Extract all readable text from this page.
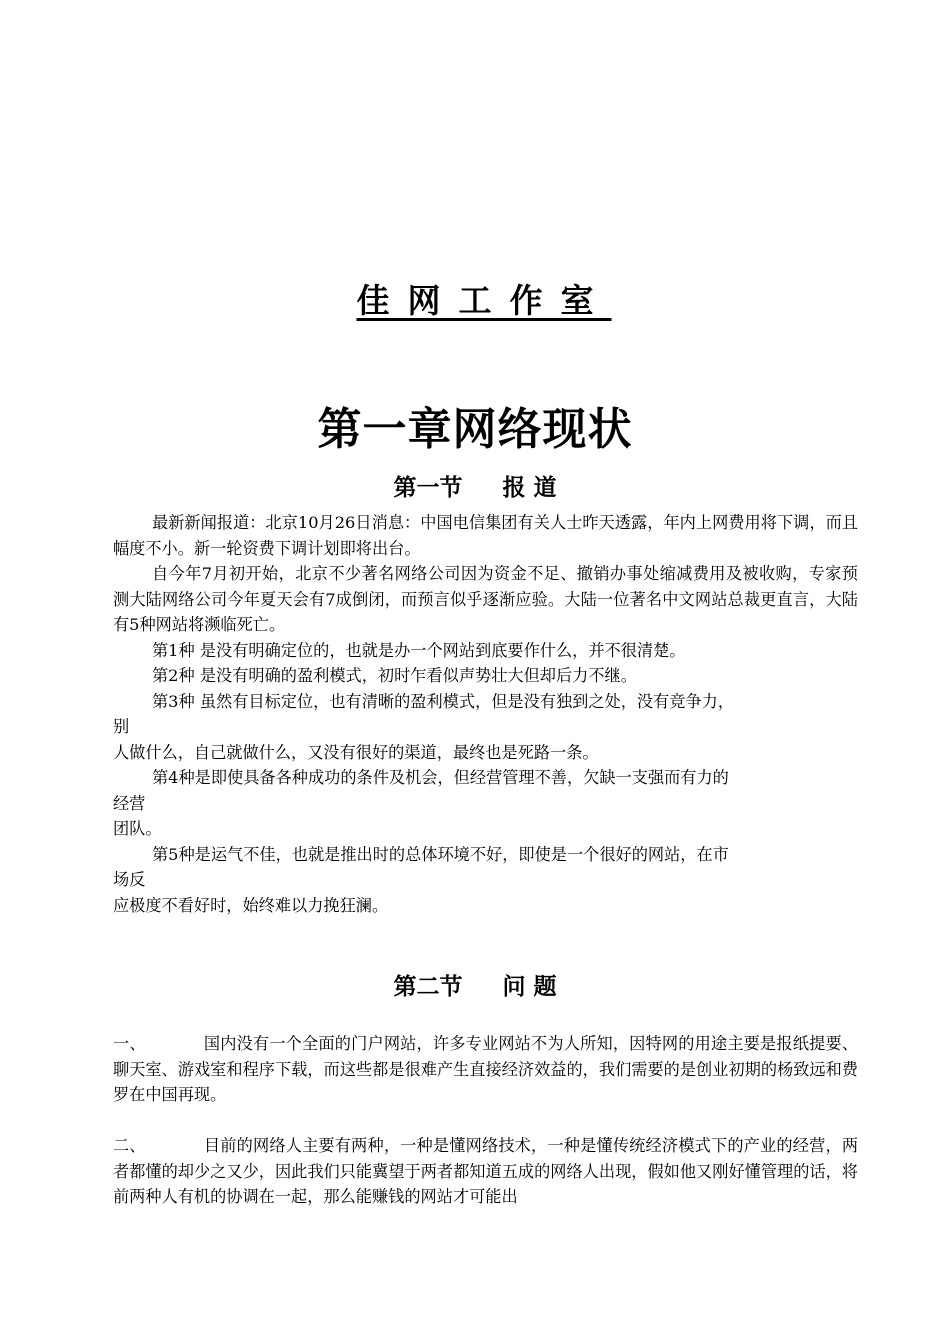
佳网工作室
第一章网络现状
第一节     报 道

最新新闻报道：北京10月26日消息：中国电信集团有关人士昨天透露，年内上网费用将下调，而且幅度不小。新一轮资费下调计划即将出台。

自今年7月初开始，北京不少著名网络公司因为资金不足、撤销办事处缩减费用及被收购，专家预测大陆网络公司今年夏天会有7成倒闭，而预言似乎逐渐应验。大陆一位著名中文网站总裁更直言，大陆有5种网站将濒临死亡。

第1种 是没有明确定位的，也就是办一个网站到底要作什么，并不很清楚。

第2种 是没有明确的盈利模式，初时乍看似声势壮大但却后力不继。

第3种 虽然有目标定位，也有清晰的盈利模式，但是没有独到之处，没有竞争力，

别

人做什么，自己就做什么，又没有很好的渠道，最终也是死路一条。

第4种是即使具备各种成功的条件及机会，但经营管理不善，欠缺一支强而有力的

经营

团队。

第5种是运气不佳，也就是推出时的总体环境不好，即使是一个很好的网站，在市

场反

应极度不看好时，始终难以力挽狂澜。

第二节     问 题

一、	国内没有一个全面的门户网站，许多专业网站不为人所知，因特网的用途主要是报纸提要、聊天室、游戏室和程序下载，而这些都是很难产生直接经济效益的，我们需要的是创业初期的杨致远和费罗在中国再现。

二、	目前的网络人主要有两种，一种是懂网络技术，一种是懂传统经济模式下的产业的经营，两者都懂的却少之又少，因此我们只能冀望于两者都知道五成的网络人出现，假如他又刚好懂管理的话，将前两种人有机的协调在一起，那么能赚钱的网站才可能出
